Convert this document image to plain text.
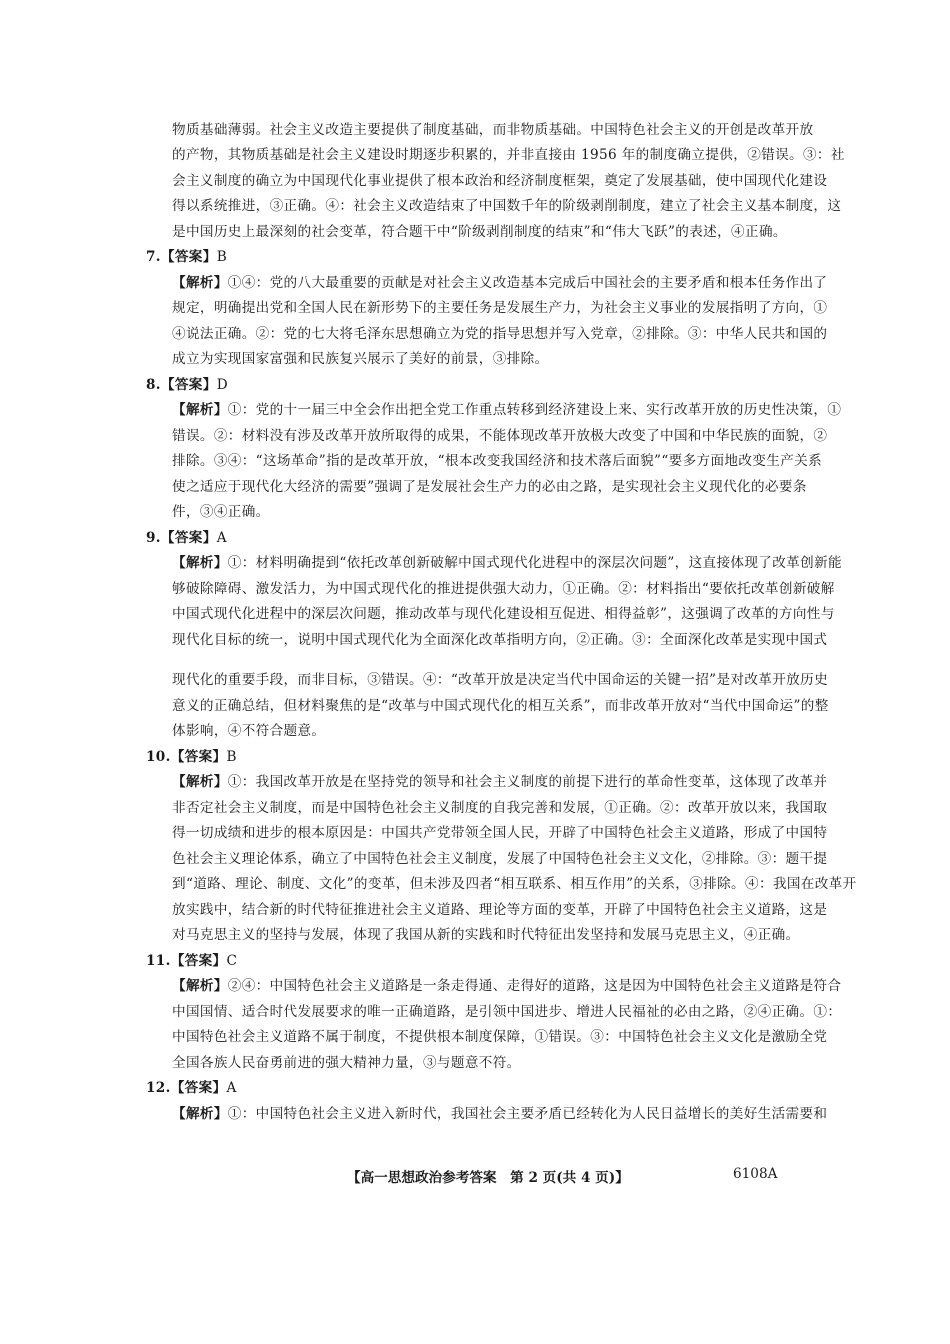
物质基础薄弱。社会主义改造主要提供了制度基础，而非物质基础。中国特色社会主义的开创是改革开放
的产物，其物质基础是社会主义建设时期逐步积累的，并非直接由 1956 年的制度确立提供，②错误。③：社
会主义制度的确立为中国现代化事业提供了根本政治和经济制度框架，奠定了发展基础，使中国现代化建设
得以系统推进，③正确。④：社会主义改造结束了中国数千年的阶级剥削制度，建立了社会主义基本制度，这
是中国历史上最深刻的社会变革，符合题干中“阶级剥削制度的结束”和“伟大飞跃”的表述，④正确。
7.【答案】B
【解析】①④：党的八大最重要的贡献是对社会主义改造基本完成后中国社会的主要矛盾和根本任务作出了
规定，明确提出党和全国人民在新形势下的主要任务是发展生产力，为社会主义事业的发展指明了方向，①
④说法正确。②：党的七大将毛泽东思想确立为党的指导思想并写入党章，②排除。③：中华人民共和国的
成立为实现国家富强和民族复兴展示了美好的前景，③排除。
8.【答案】D
【解析】①：党的十一届三中全会作出把全党工作重点转移到经济建设上来、实行改革开放的历史性决策，①
错误。②：材料没有涉及改革开放所取得的成果，不能体现改革开放极大改变了中国和中华民族的面貌，②
排除。③④：“这场革命”指的是改革开放，“根本改变我国经济和技术落后面貌”“要多方面地改变生产关系
使之适应于现代化大经济的需要”强调了是发展社会生产力的必由之路，是实现社会主义现代化的必要条
件，③④正确。
9.【答案】A
【解析】①：材料明确提到“依托改革创新破解中国式现代化进程中的深层次问题”，这直接体现了改革创新能
够破除障碍、激发活力，为中国式现代化的推进提供强大动力，①正确。②：材料指出“要依托改革创新破解
中国式现代化进程中的深层次问题，推动改革与现代化建设相互促进、相得益彰”，这强调了改革的方向性与
现代化目标的统一，说明中国式现代化为全面深化改革指明方向，②正确。③：全面深化改革是实现中国式
现代化的重要手段，而非目标，③错误。④：“改革开放是决定当代中国命运的关键一招”是对改革开放历史
意义的正确总结，但材料聚焦的是“改革与中国式现代化的相互关系”，而非改革开放对“当代中国命运”的整
体影响，④不符合题意。
10.【答案】B
【解析】①：我国改革开放是在坚持党的领导和社会主义制度的前提下进行的革命性变革，这体现了改革并
非否定社会主义制度，而是中国特色社会主义制度的自我完善和发展，①正确。②：改革开放以来，我国取
得一切成绩和进步的根本原因是：中国共产党带领全国人民，开辟了中国特色社会主义道路，形成了中国特
色社会主义理论体系，确立了中国特色社会主义制度，发展了中国特色社会主义文化，②排除。③：题干提
到“道路、理论、制度、文化”的变革，但未涉及四者“相互联系、相互作用”的关系，③排除。④：我国在改革开
放实践中，结合新的时代特征推进社会主义道路、理论等方面的变革，开辟了中国特色社会主义道路，这是
对马克思主义的坚持与发展，体现了我国从新的实践和时代特征出发坚持和发展马克思主义，④正确。
11.【答案】C
【解析】②④：中国特色社会主义道路是一条走得通、走得好的道路，这是因为中国特色社会主义道路是符合
中国国情、适合时代发展要求的唯一正确道路，是引领中国进步、增进人民福祉的必由之路，②④正确。①：
中国特色社会主义道路不属于制度，不提供根本制度保障，①错误。③：中国特色社会主义文化是激励全党
全国各族人民奋勇前进的强大精神力量，③与题意不符。
12.【答案】A
【解析】①：中国特色社会主义进入新时代，我国社会主要矛盾已经转化为人民日益增长的美好生活需要和
【高一思想政治参考答案　第 2 页(共 4 页)】	6108A
